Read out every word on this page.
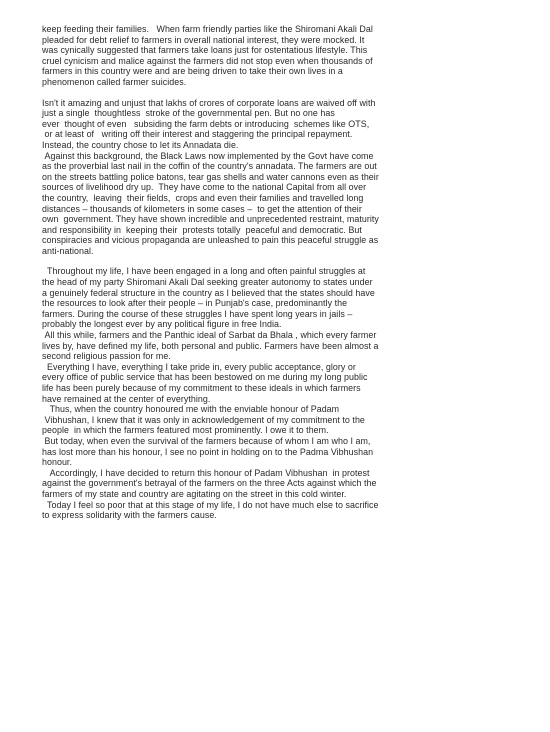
keep feeding their families.   When farm friendly parties like the Shiromani Akali Dal
pleaded for debt relief to farmers in overall national interest, they were mocked. It
was cynically suggested that farmers take loans just for ostentatious lifestyle. This
cruel cynicism and malice against the farmers did not stop even when thousands of
farmers in this country were and are being driven to take their own lives in a
phenomenon called farmer suicides.

Isn't it amazing and unjust that lakhs of crores of corporate loans are waived off with
just a single  thoughtless  stroke of the governmental pen. But no one has
ever  thought of even   subsiding the farm debts or introducing  schemes like OTS,
or at least of   writing off their interest and staggering the principal repayment.
Instead, the country chose to let its Annadata die.

Against this background, the Black Laws now implemented by the Govt have come
as the proverbial last nail in the coffin of the country's annadata. The farmers are out
on the streets battling police batons, tear gas shells and water cannons even as their
sources of livelihood dry up.  They have come to the national Capital from all over
the country,  leaving  their fields,  crops and even their families and travelled long
distances – thousands of kilometers in some cases –  to get the attention of their
own  government. They have shown incredible and unprecedented restraint, maturity
and responsibility in  keeping their  protests totally  peaceful and democratic. But
conspiracies and vicious propaganda are unleashed to pain this peaceful struggle as
anti-national.

Throughout my life, I have been engaged in a long and often painful struggles at
the head of my party Shiromani Akali Dal seeking greater autonomy to states under
a genuinely federal structure in the country as I believed that the states should have
the resources to look after their people – in Punjab's case, predominantly the
farmers. During the course of these struggles I have spent long years in jails –
probably the longest ever by any political figure in free India.

All this while, farmers and the Panthic ideal of Sarbat da Bhala , which every farmer
lives by, have defined my life, both personal and public. Farmers have been almost a
second religious passion for me.

Everything I have, everything I take pride in, every public acceptance, glory or
every office of public service that has been bestowed on me during my long public
life has been purely because of my commitment to these ideals in which farmers
have remained at the center of everything.

Thus, when the country honoured me with the enviable honour of Padam
Vibhushan, I knew that it was only in acknowledgement of my commitment to the
people  in which the farmers featured most prominently. I owe it to them.

But today, when even the survival of the farmers because of whom I am who I am,
has lost more than his honour, I see no point in holding on to the Padma Vibhushan
honour.

Accordingly, I have decided to return this honour of Padam Vibhushan  in protest
against the government's betrayal of the farmers on the three Acts against which the
farmers of my state and country are agitating on the street in this cold winter.

Today I feel so poor that at this stage of my life, I do not have much else to sacrifice
to express solidarity with the farmers cause.
